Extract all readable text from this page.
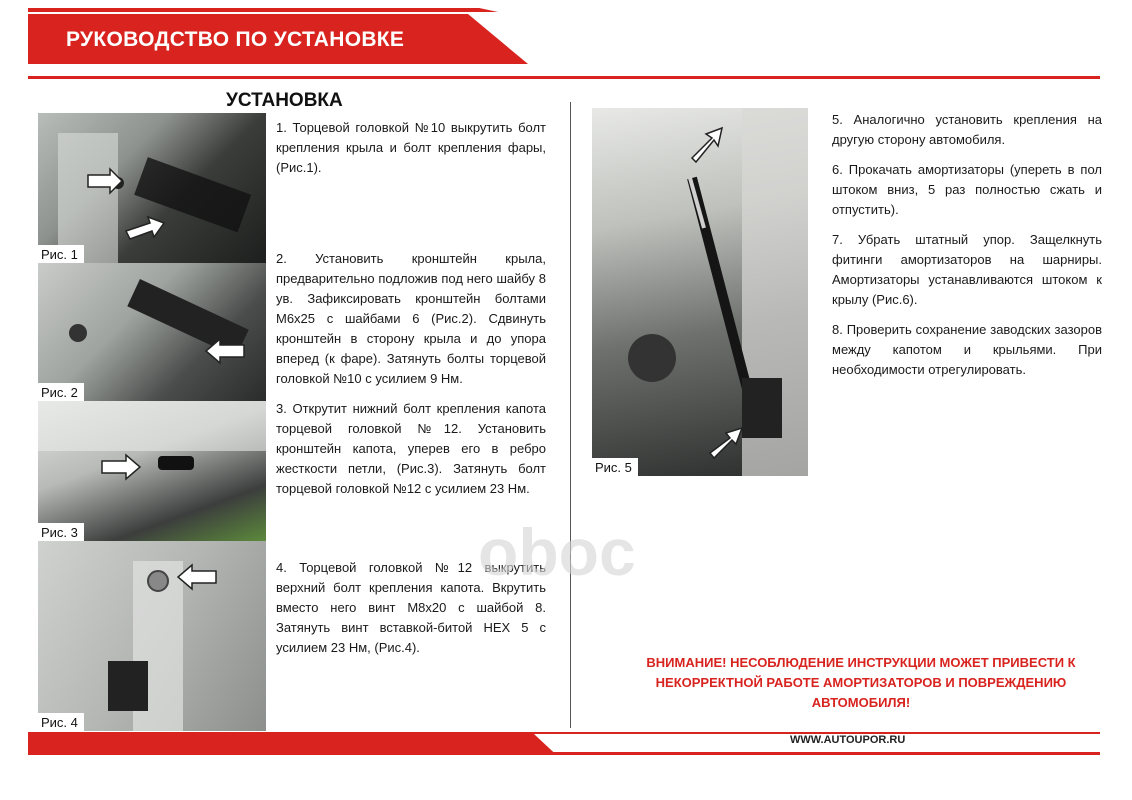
РУКОВОДСТВО ПО УСТАНОВКЕ
УСТАНОВКА
Рис. 1
Рис. 2
Рис. 3
Рис. 4
Рис. 5
1. Торцевой головкой №10 выкрутить болт крепления крыла и болт крепления фары, (Рис.1).
2. Установить кронштейн крыла, предварительно подложив под него шайбу 8 ув. Зафиксировать кронштейн болтами М6х25 с шайбами 6 (Рис.2). Сдвинуть кронштейн в сторону крыла и до упора вперед (к фаре). Затянуть болты торцевой головкой №10 с усилием 9 Нм.
3. Открутит нижний болт крепления капота торцевой головкой №12. Установить кронштейн капота, уперев его в ребро жесткости петли, (Рис.3). Затянуть болт торцевой головкой №12 с усилием 23 Нм.
4. Торцевой головкой №12 выкрутить верхний болт крепления капота. Вкрутить вместо него винт М8х20 с шайбой 8. Затянуть винт вставкой-битой HEX 5 с усилием 23 Нм, (Рис.4).
5. Аналогично установить крепления на другую сторону автомобиля.
6. Прокачать амортизаторы (упереть в пол штоком вниз, 5 раз полностью сжать и отпустить).
7. Убрать штатный упор. Защелкнуть фитинги амортизаторов на шарниры. Амортизаторы устанавливаются штоком к крылу (Рис.6).
8. Проверить сохранение заводских зазоров между капотом и крыльями. При необходимости отрегулировать.
oboc
ВНИМАНИЕ! НЕСОБЛЮДЕНИЕ ИНСТРУКЦИИ МОЖЕТ ПРИВЕСТИ К НЕКОРРЕКТНОЙ РАБОТЕ АМОРТИЗАТОРОВ И ПОВРЕЖДЕНИЮ АВТОМОБИЛЯ!
WWW.AUTOUPOR.RU
